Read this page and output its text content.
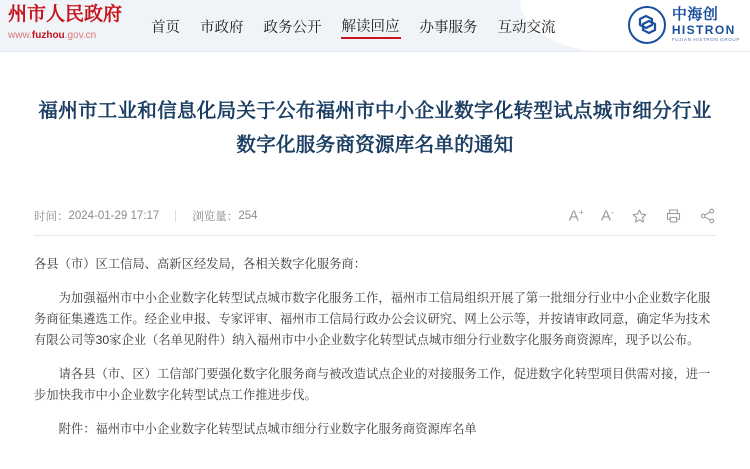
州市人民政府
www.fuzhou.gov.cn	首页 市政府 政务公开 解读回应 办事服务 互动交流
中海创
HISTRON
FUJIAN HISTRON GROUP
福州市工业和信息化局关于公布福州市中小企业数字化转型试点城市细分行业数字化服务商资源库名单的通知
时间： 2024-01-29 17:17	浏览量： 254	A+ A-

各县（市）区工信局、高新区经发局，各相关数字化服务商：

为加强福州市中小企业数字化转型试点城市数字化服务工作，福州市工信局组织开展了第一批细分行业中小企业数字化服务商征集遴选工作。经企业申报、专家评审、福州市工信局行政办公会议研究、网上公示等，并按请审政同意，确定华为技术有限公司等30家企业（名单见附件）纳入福州市中小企业数字化转型试点城市细分行业数字化服务商资源库，现予以公布。

请各县（市、区）工信部门要强化数字化服务商与被改造试点企业的对接服务工作，促进数字化转型项目供需对接，进一步加快我市中小企业数字化转型试点工作推进步伐。

附件：福州市中小企业数字化转型试点城市细分行业数字化服务商资源库名单
